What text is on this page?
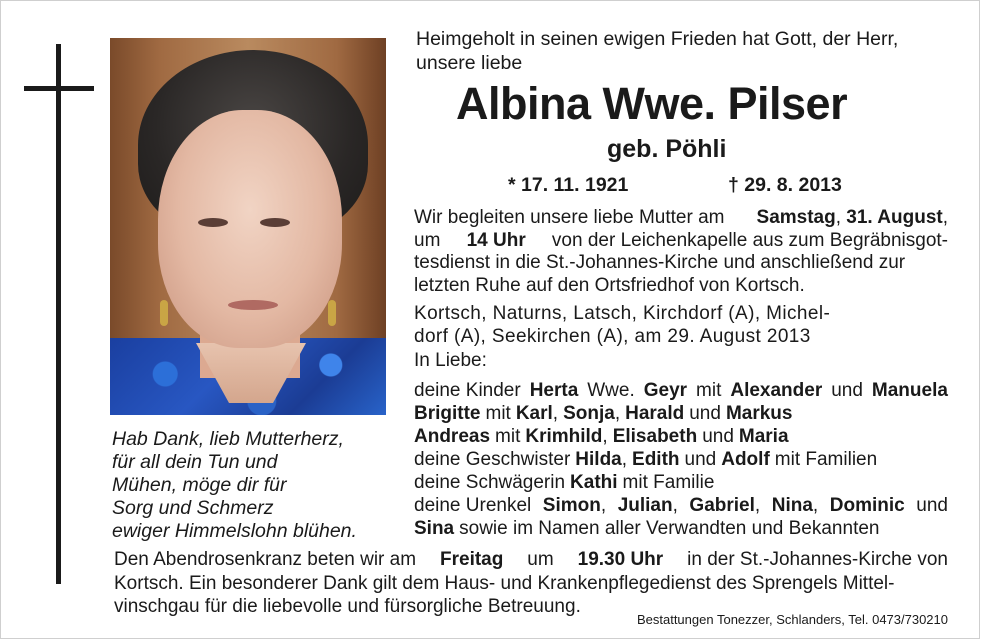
Hab Dank, lieb Mutterherz,
für all dein Tun und
Mühen, möge dir für
Sorg und Schmerz
ewiger Himmelslohn blühen.
Heimgeholt in seinen ewigen Frieden hat Gott, der Herr,
unsere liebe
Albina Wwe. Pilser
geb. Pöhli
* 17. 11. 1921	† 29. 8. 2013
Wir begleiten unsere liebe Mutter am Samstag, 31. August,
um 14 Uhr von der Leichenkapelle aus zum Begräbnisgot-
tesdienst in die St.-Johannes-Kirche und anschließend zur
letzten Ruhe auf den Ortsfriedhof von Kortsch.
Kortsch, Naturns, Latsch, Kirchdorf (A), Michel-
dorf (A), Seekirchen (A), am 29. August 2013
In Liebe:
deine Kinder Herta Wwe. Geyr mit Alexander und Manuela
Brigitte mit Karl, Sonja, Harald und Markus
Andreas mit Krimhild, Elisabeth und Maria
deine Geschwister Hilda, Edith und Adolf mit Familien
deine Schwägerin Kathi mit Familie
deine Urenkel Simon, Julian, Gabriel, Nina, Dominic und
Sina sowie im Namen aller Verwandten und Bekannten
Den Abendrosenkranz beten wir am Freitag um 19.30 Uhr in der St.-Johannes-Kirche von
Kortsch. Ein besonderer Dank gilt dem Haus- und Krankenpflegedienst des Sprengels Mittel-
vinschgau für die liebevolle und fürsorgliche Betreuung.
Bestattungen Tonezzer, Schlanders, Tel. 0473/730210
